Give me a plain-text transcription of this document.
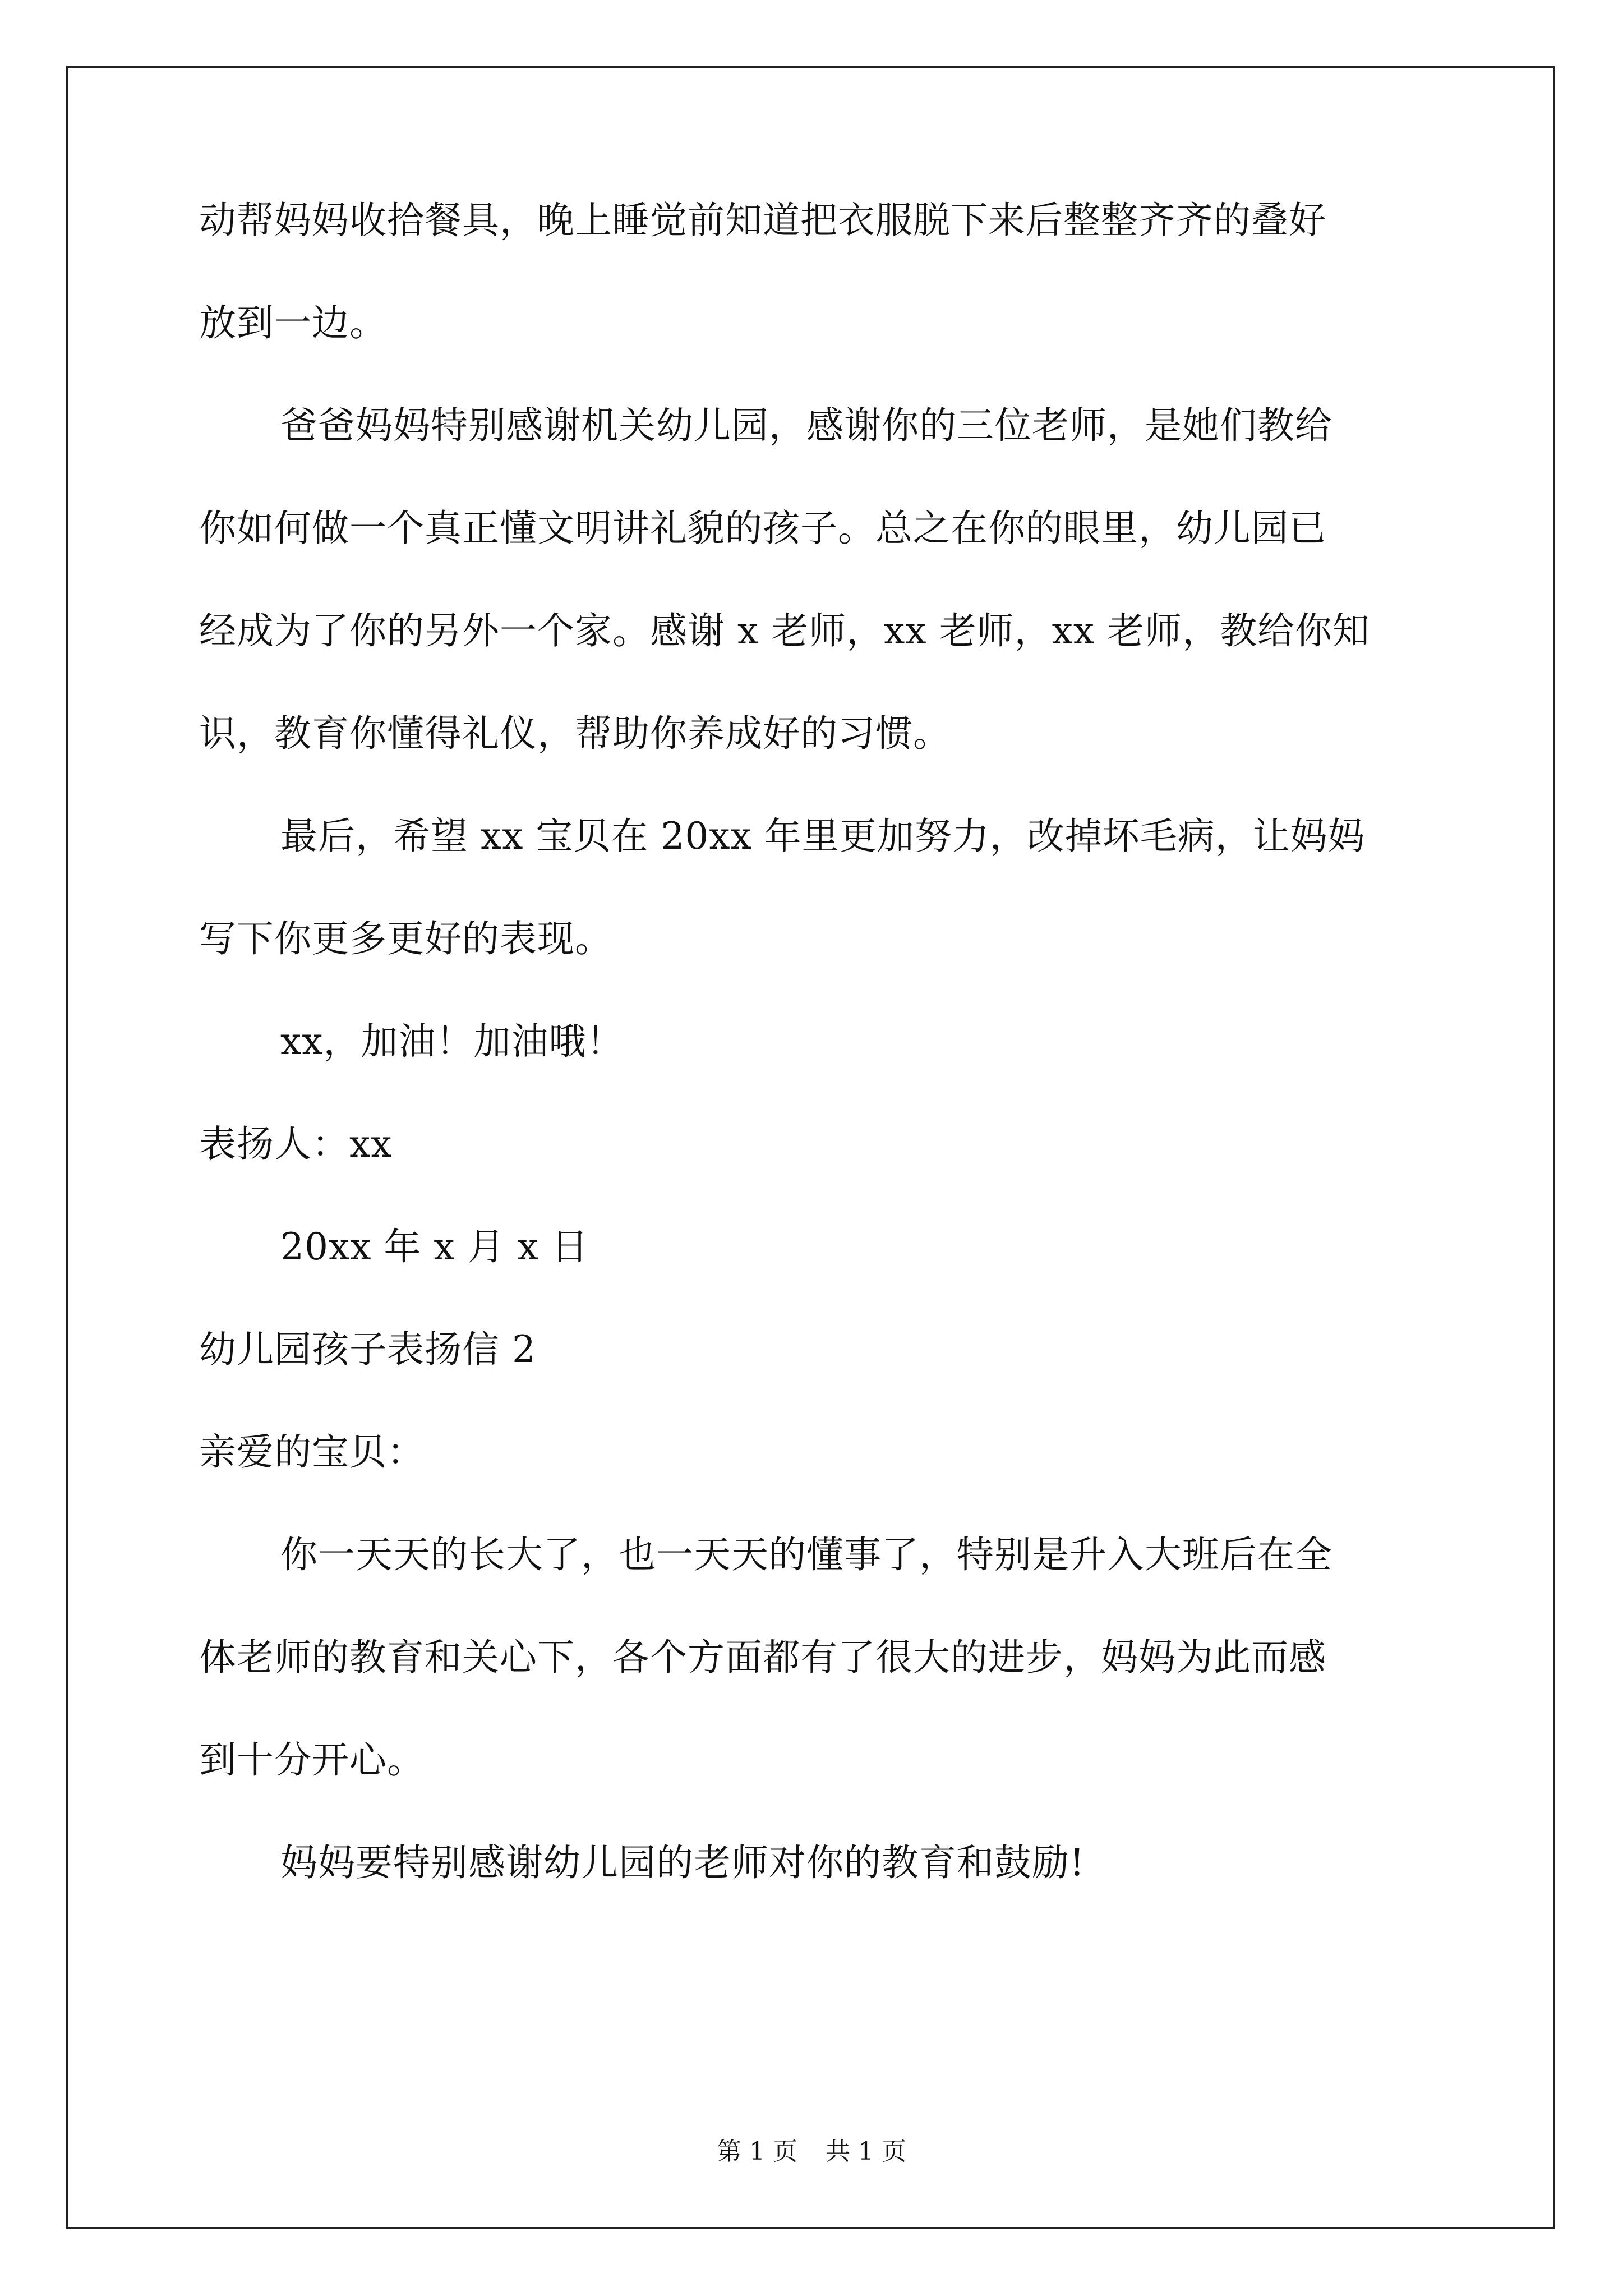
动帮妈妈收拾餐具，晚上睡觉前知道把衣服脱下来后整整齐齐的叠好
放到一边。
爸爸妈妈特别感谢机关幼儿园，感谢你的三位老师，是她们教给
你如何做一个真正懂文明讲礼貌的孩子。总之在你的眼里，幼儿园已
经成为了你的另外一个家。感谢 x 老师，xx 老师，xx 老师，教给你知
识，教育你懂得礼仪，帮助你养成好的习惯。
最后，希望 xx 宝贝在 20xx 年里更加努力，改掉坏毛病，让妈妈
写下你更多更好的表现。
xx，加油！加油哦！
表扬人：xx
20xx 年 x 月 x 日
幼儿园孩子表扬信 2
亲爱的宝贝：
你一天天的长大了，也一天天的懂事了，特别是升入大班后在全
体老师的教育和关心下，各个方面都有了很大的进步，妈妈为此而感
到十分开心。
妈妈要特别感谢幼儿园的老师对你的教育和鼓励!
第 1 页 共 1 页
